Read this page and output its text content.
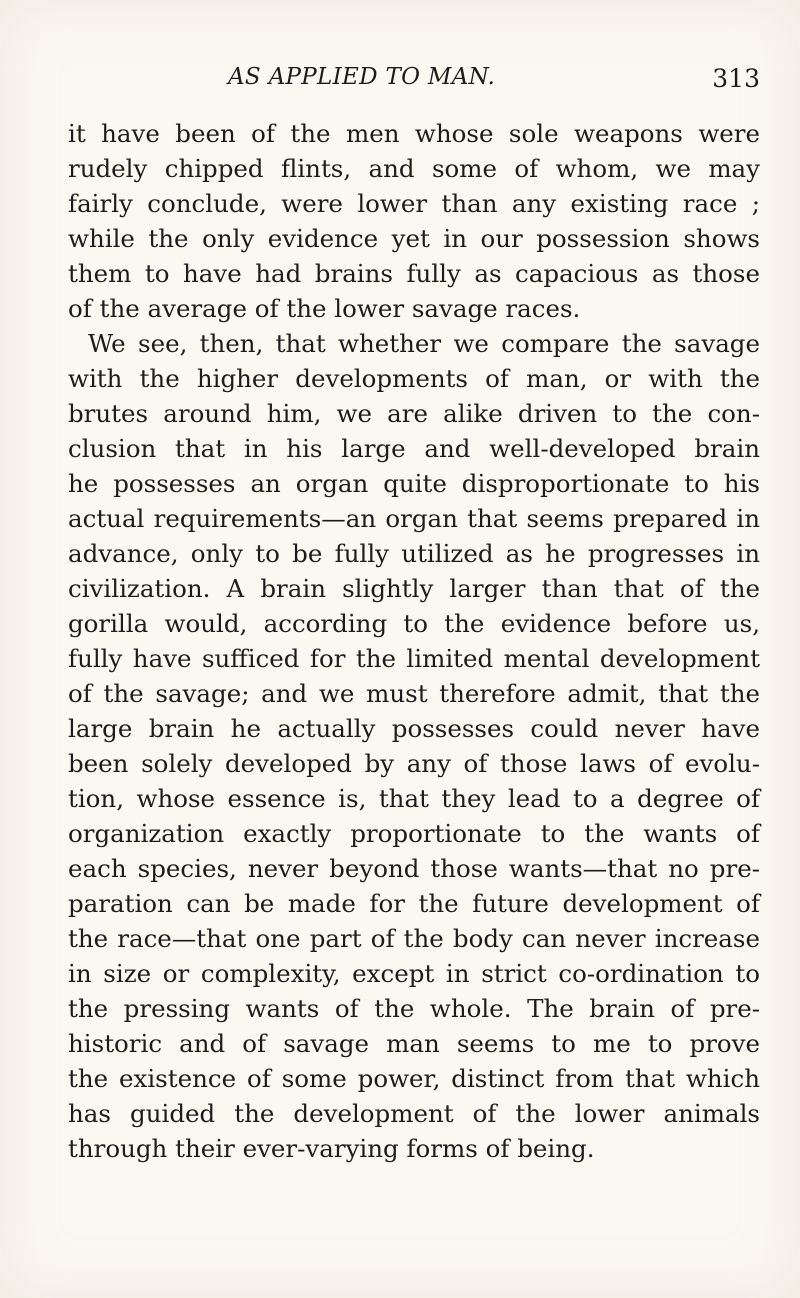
AS APPLIED TO MAN.	313
it have been of the men whose sole weapons were
rudely chipped flints, and some of whom, we may
fairly conclude, were lower than any existing race ;
while the only evidence yet in our possession shows
them to have had brains fully as capacious as those
of the average of the lower savage races.
We see, then, that whether we compare the savage
with the higher developments of man, or with the
brutes around him, we are alike driven to the con-
clusion that in his large and well-developed brain
he possesses an organ quite disproportionate to his
actual requirements—an organ that seems prepared in
advance, only to be fully utilized as he progresses in
civilization. A brain slightly larger than that of the
gorilla would, according to the evidence before us,
fully have sufficed for the limited mental development
of the savage; and we must therefore admit, that the
large brain he actually possesses could never have
been solely developed by any of those laws of evolu-
tion, whose essence is, that they lead to a degree of
organization exactly proportionate to the wants of
each species, never beyond those wants—that no pre-
paration can be made for the future development of
the race—that one part of the body can never increase
in size or complexity, except in strict co-ordination to
the pressing wants of the whole. The brain of pre-
historic and of savage man seems to me to prove
the existence of some power, distinct from that which
has guided the development of the lower animals
through their ever-varying forms of being.
